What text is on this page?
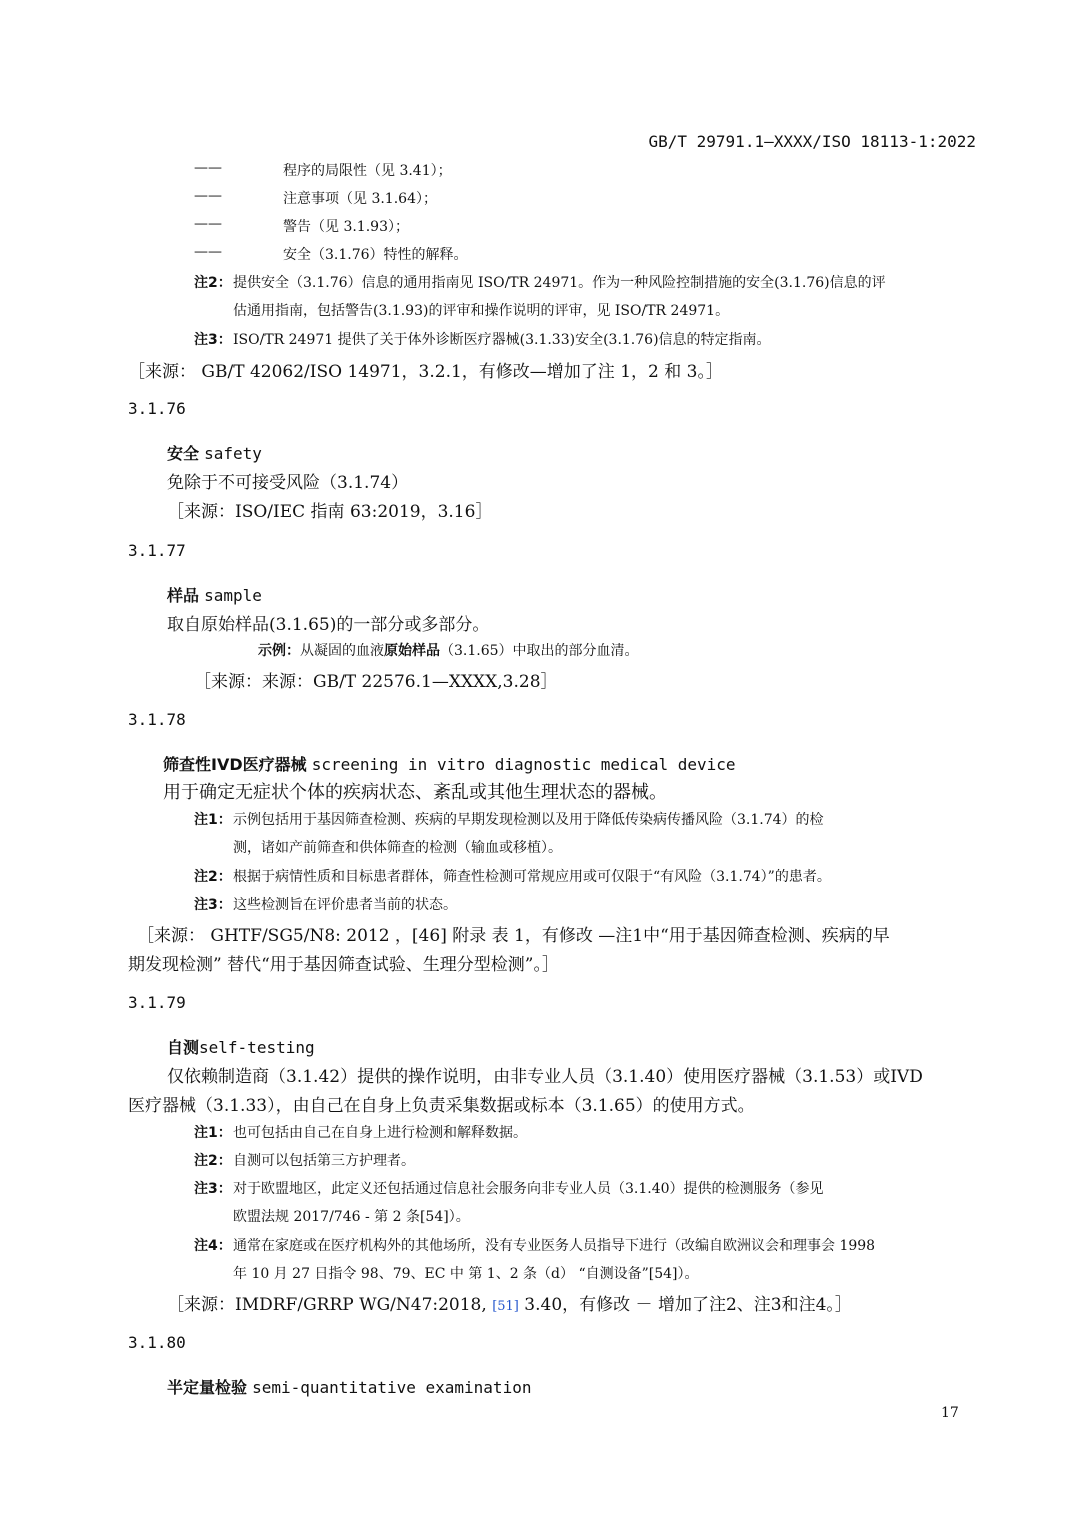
GB/T 29791.1—XXXX/ISO 18113-1:2022
——	程序的局限性（见 3.41）；
——	注意事项（见 3.1.64）；
——	警告（见 3.1.93）；
——	安全（3.1.76）特性的解释。
注2： 提供安全（3.1.76）信息的通用指南见 ISO/TR 24971。作为一种风险控制措施的安全(3.1.76)信息的评
估通用指南，包括警告(3.1.93)的评审和操作说明的评审，见 ISO/TR 24971。
注3： ISO/TR 24971 提供了关于体外诊断医疗器械(3.1.33)安全(3.1.76)信息的特定指南。
［来源： GB/T 42062/ISO 14971，3.2.1，有修改—增加了注 1，2 和 3。］
3.1.76
安全 safety
免除于不可接受风险（3.1.74）
［来源：ISO/IEC 指南 63:2019，3.16］
3.1.77
样品 sample
取自原始样品(3.1.65)的一部分或多部分。
示例：从凝固的血液原始样品（3.1.65）中取出的部分血清。
［来源：来源：GB/T 22576.1—XXXX,3.28］
3.1.78
筛查性IVD医疗器械 screening in vitro diagnostic medical device
用于确定无症状个体的疾病状态、紊乱或其他生理状态的器械。
注1： 示例包括用于基因筛查检测、疾病的早期发现检测以及用于降低传染病传播风险（3.1.74）的检
测，诸如产前筛查和供体筛查的检测（输血或移植）。
注2： 根据于病情性质和目标患者群体，筛查性检测可常规应用或可仅限于“有风险（3.1.74）”的患者。
注3： 这些检测旨在评价患者当前的状态。
［来源： GHTF/SG5/N8: 2012 ，[46] 附录 表 1，有修改 —注1中“用于基因筛查检测、疾病的早
期发现检测” 替代“用于基因筛查试验、生理分型检测”。］
3.1.79
自测self-testing
仅依赖制造商（3.1.42）提供的操作说明，由非专业人员（3.1.40）使用医疗器械（3.1.53）或IVD
医疗器械（3.1.33），由自己在自身上负责采集数据或标本（3.1.65）的使用方式。
注1： 也可包括由自己在自身上进行检测和解释数据。
注2： 自测可以包括第三方护理者。
注3： 对于欧盟地区，此定义还包括通过信息社会服务向非专业人员（3.1.40）提供的检测服务（参见
欧盟法规 2017/746 - 第 2 条[54]）。
注4： 通常在家庭或在医疗机构外的其他场所，没有专业医务人员指导下进行（改编自欧洲议会和理事会 1998
年 10 月 27 日指令 98、79、EC 中 第 1、2 条（d） “自测设备”[54]）。
［来源：IMDRF/GRRP WG/N47:2018, [51] 3.40，有修改 － 增加了注2、注3和注4。］
3.1.80
半定量检验 semi-quantitative examination
17
